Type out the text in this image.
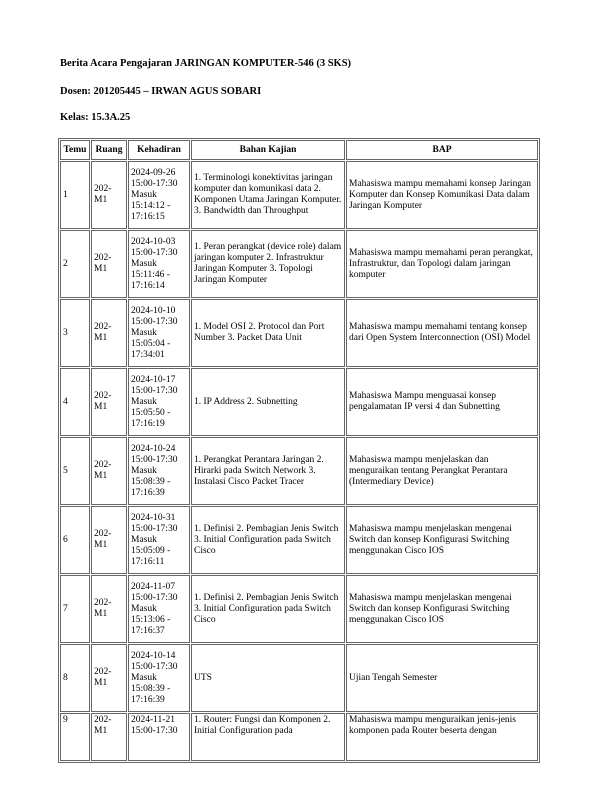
Berita Acara Pengajaran JARINGAN KOMPUTER-546 (3 SKS)
Dosen: 201205445 – IRWAN AGUS SOBARI
Kelas: 15.3A.25
Temu	Ruang	Kehadiran	Bahan Kajian	BAP

1	202-M1	2024-09-26
15:00-17:30
Masuk
15:14:12 - 17:16:15	1. Terminologi konektivitas jaringan komputer dan komunikasi data 2. Komponen Utama Jaringan Komputer. 3. Bandwidth dan Throughput	Mahasiswa mampu memahami konsep Jaringan Komputer dan Konsep Komunikasi Data dalam Jaringan Komputer

2	202-M1	2024-10-03
15:00-17:30
Masuk
15:11:46 - 17:16:14	1. Peran perangkat (device role) dalam jaringan komputer 2. Infrastruktur Jaringan Komputer 3. Topologi Jaringan Komputer	Mahasiswa mampu memahami peran perangkat, Infrastruktur, dan Topologi dalam jaringan komputer

3	202-M1	2024-10-10
15:00-17:30
Masuk
15:05:04 - 17:34:01	1. Model OSI 2. Protocol dan Port Number 3. Packet Data Unit	Mahasiswa mampu memahami tentang konsep dari Open System Interconnection (OSI) Model

4	202-M1	2024-10-17
15:00-17:30
Masuk
15:05:50 - 17:16:19	1. IP Address 2. Subnetting	Mahasiswa Mampu menguasai konsep pengalamatan IP versi 4 dan Subnetting

5	202-M1	2024-10-24
15:00-17:30
Masuk
15:08:39 - 17:16:39	1. Perangkat Perantara Jaringan 2. Hirarki pada Switch Network 3. Instalasi Cisco Packet Tracer	Mahasiswa mampu menjelaskan dan menguraikan tentang Perangkat Perantara (Intermediary Device)

6	202-M1	2024-10-31
15:00-17:30
Masuk
15:05:09 - 17:16:11	1. Definisi 2. Pembagian Jenis Switch 3. Initial Configuration pada Switch Cisco	Mahasiswa mampu menjelaskan mengenai Switch dan konsep Konfigurasi Switching menggunakan Cisco IOS

7	202-M1	2024-11-07
15:00-17:30
Masuk
15:13:06 - 17:16:37	1. Definisi 2. Pembagian Jenis Switch 3. Initial Configuration pada Switch Cisco	Mahasiswa mampu menjelaskan mengenai Switch dan konsep Konfigurasi Switching menggunakan Cisco IOS

8	202-M1	2024-10-14
15:00-17:30
Masuk
15:08:39 - 17:16:39	UTS	Ujian Tengah Semester

9	202-M1	2024-11-21
15:00-17:30	1. Router: Fungsi dan Komponen 2. Initial Configuration pada	Mahasiswa mampu menguraikan jenis-jenis komponen pada Router beserta dengan
